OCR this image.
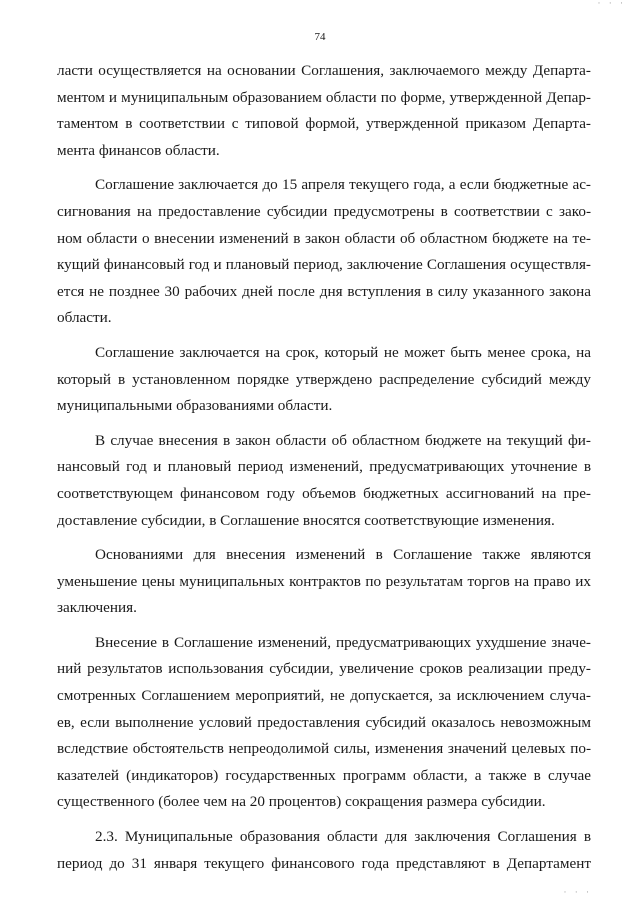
· · ·
74
ласти осуществляется на основании Соглашения, заключаемого между Департа-
ментом и муниципальным образованием области по форме, утвержденной Депар-
таментом в соответствии с типовой формой, утвержденной приказом Департа-
мента финансов области.
Соглашение заключается до 15 апреля текущего года, а если бюджетные ас-
сигнования на предоставление субсидии предусмотрены в соответствии с зако-
ном области о внесении изменений в закон области об областном бюджете на те-
кущий финансовый год и плановый период, заключение Соглашения осуществля-
ется не позднее 30 рабочих дней после дня вступления в силу указанного закона
области.
Соглашение заключается на срок, который не может быть менее срока, на
который в установленном порядке утверждено распределение субсидий между
муниципальными образованиями области.
В случае внесения в закон области об областном бюджете на текущий фи-
нансовый год и плановый период изменений, предусматривающих уточнение в
соответствующем финансовом году объемов бюджетных ассигнований на пре-
доставление субсидии, в Соглашение вносятся соответствующие изменения.
Основаниями для внесения изменений в Соглашение также являются
уменьшение цены муниципальных контрактов по результатам торгов на право их
заключения.
Внесение в Соглашение изменений, предусматривающих ухудшение значе-
ний результатов использования субсидии, увеличение сроков реализации преду-
смотренных Соглашением мероприятий, не допускается, за исключением случа-
ев, если выполнение условий предоставления субсидий оказалось невозможным
вследствие обстоятельств непреодолимой силы, изменения значений целевых по-
казателей (индикаторов) государственных программ области, а также в случае
существенного (более чем на 20 процентов) сокращения размера субсидии.
2.3. Муниципальные образования области для заключения Соглашения в
период до 31 января текущего финансового года представляют в Департамент
· · ·
